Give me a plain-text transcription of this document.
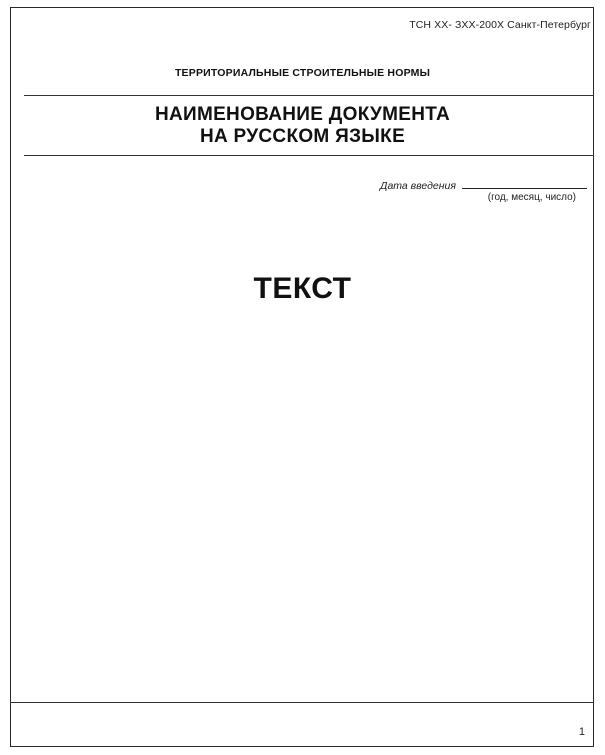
ТСН ХХ- ЗХХ-200Х Санкт-Петербург
ТЕРРИТОРИАЛЬНЫЕ СТРОИТЕЛЬНЫЕ НОРМЫ
НАИМЕНОВАНИЕ ДОКУМЕНТА
НА РУССКОМ ЯЗЫКЕ
Дата введения
(год, месяц, число)
ТЕКСТ
1
